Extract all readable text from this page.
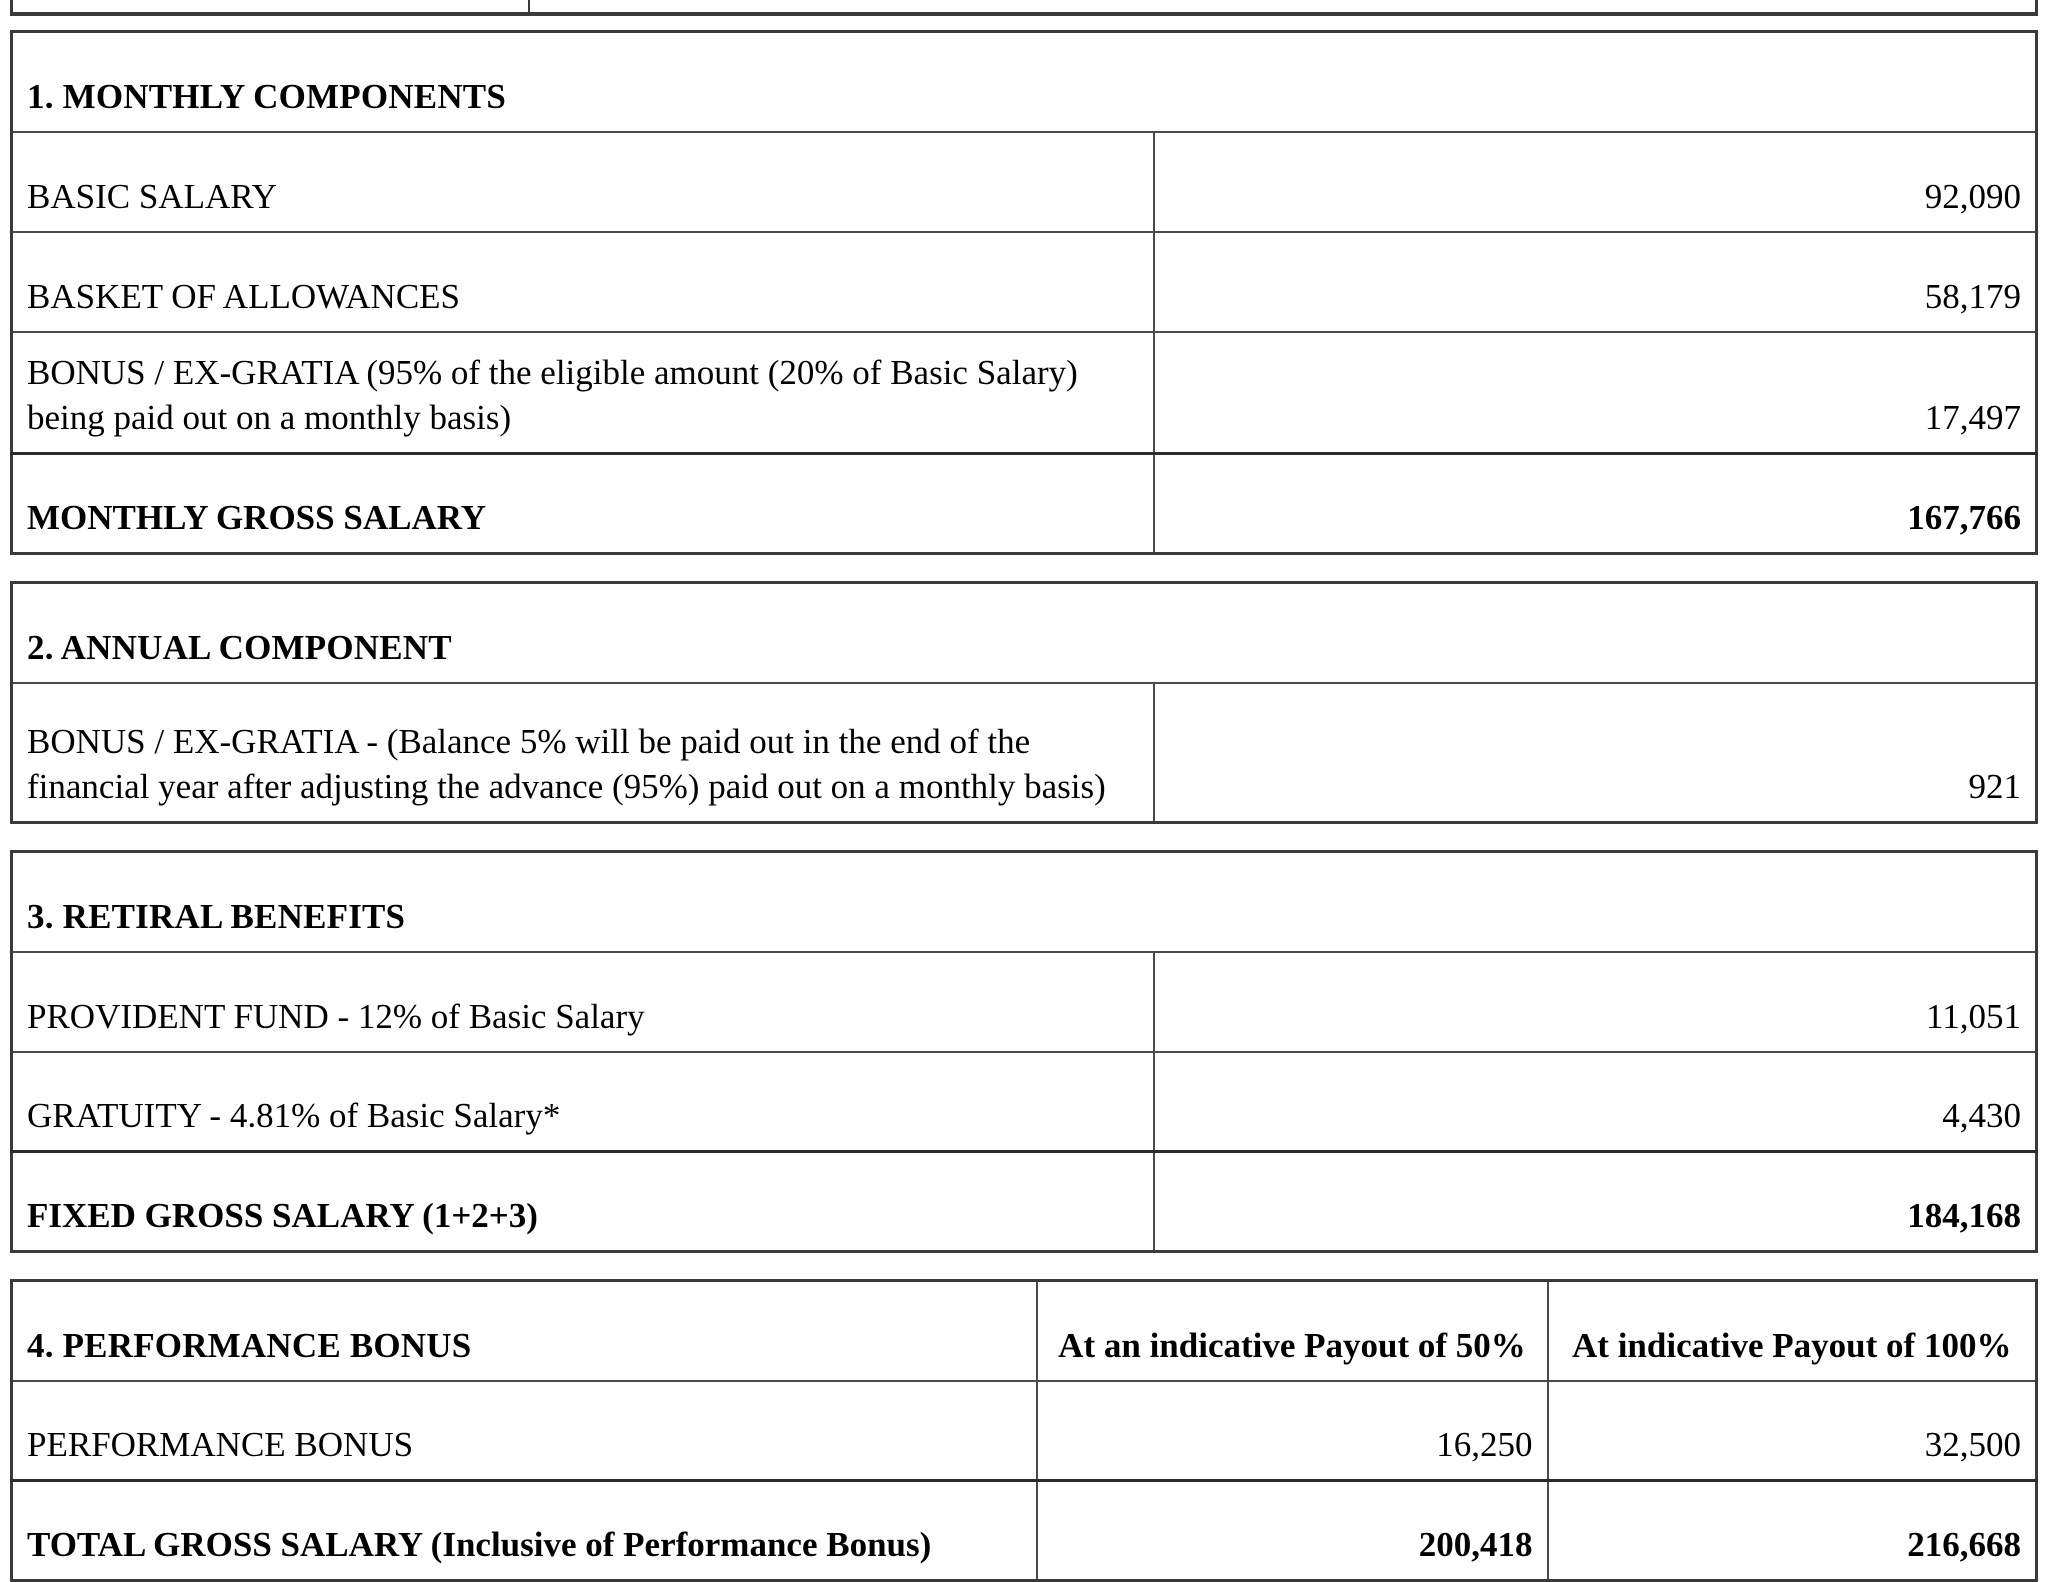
1. MONTHLY COMPONENTS	
BASIC SALARY	92,090
BASKET OF ALLOWANCES	58,179
BONUS / EX-GRATIA (95% of the eligible amount (20% of Basic Salary) being paid out on a monthly basis)	17,497
MONTHLY GROSS SALARY	167,766
2. ANNUAL COMPONENT
BONUS / EX-GRATIA - (Balance 5% will be paid out in the end of the financial year after adjusting the advance (95%) paid out on a monthly basis)	921
3. RETIRAL BENEFITS	
PROVIDENT FUND - 12% of Basic Salary	11,051
GRATUITY - 4.81% of Basic Salary*	4,430
FIXED GROSS SALARY (1+2+3)	184,168
4. PERFORMANCE BONUS	At an indicative Payout of 50%	At indicative Payout of 100%
PERFORMANCE BONUS	16,250	32,500
TOTAL GROSS SALARY (Inclusive of Performance Bonus)	200,418	216,668
